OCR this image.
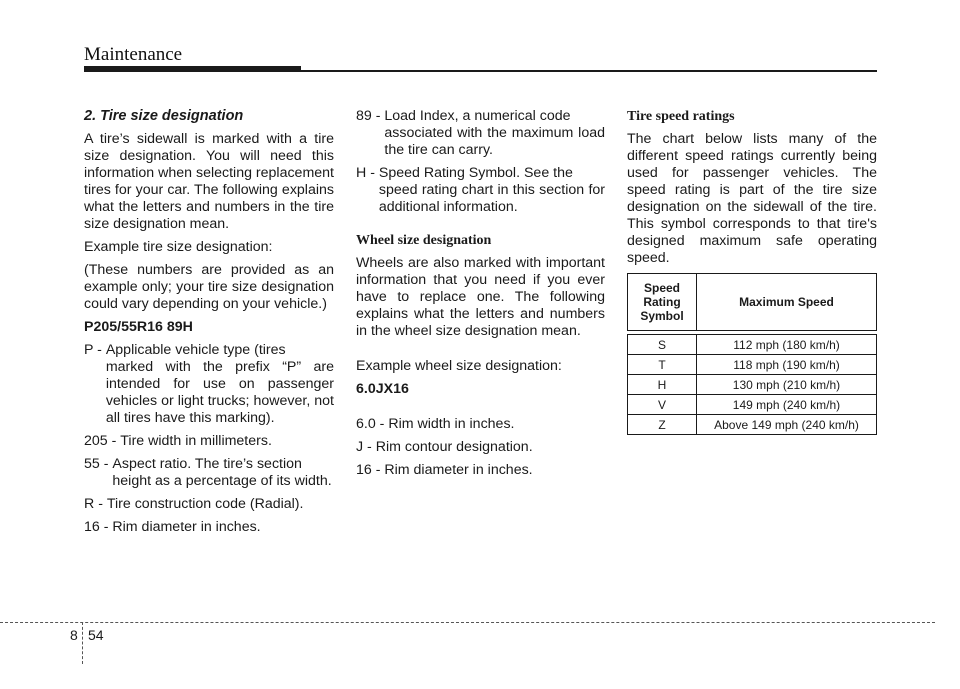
Maintenance
2. Tire size designation

A tire’s sidewall is marked with a tire size designation. You will need this information when selecting replacement tires for your car. The following explains what the letters and numbers in the tire size designation mean.

Example tire size designation:

(These numbers are provided as an example only; your tire size designation could vary depending on your vehicle.)

P205/55R16 89H

P - Applicable vehicle type (tires
marked with the prefix “P” are intended for use on passenger vehicles or light trucks; however, not all tires have this marking).
205 - Tire width in millimeters.
55 - Aspect ratio. The tire’s section
height as a percentage of its width.
R - Tire construction code (Radial).
16 - Rim diameter in inches.
89 - Load Index, a numerical code
associated with the maximum load the tire can carry.
H - Speed Rating Symbol. See the
speed rating chart in this section for additional information.
Wheel size designation

Wheels are also marked with important information that you need if you ever have to replace one. The following explains what the letters and numbers in the wheel size designation mean.

Example wheel size designation:

6.0JX16

6.0 - Rim width in inches.

J - Rim contour designation.

16 - Rim diameter in inches.

Tire speed ratings

The chart below lists many of the different speed ratings currently being used for passenger vehicles. The speed rating is part of the tire size designation on the sidewall of the tire. This symbol corresponds to that tire's designed maximum safe operating speed.

Speed
Rating
Symbol	Maximum Speed

S	112 mph (180 km/h)
T	118 mph (190 km/h)
H	130 mph (210 km/h)
V	149 mph (240 km/h)
Z	Above 149 mph (240 km/h)
8 54
